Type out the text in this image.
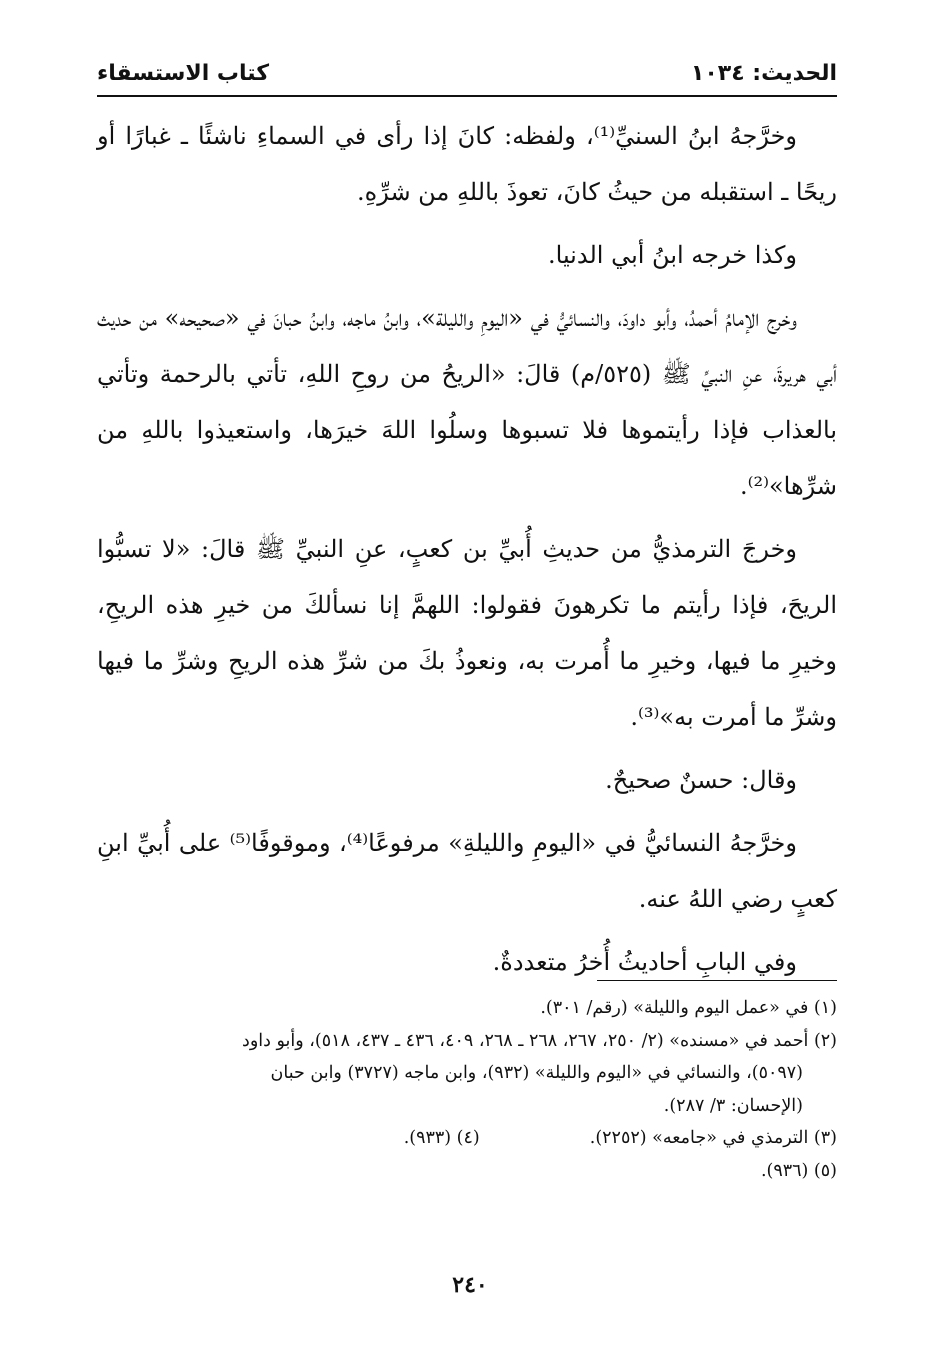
الحديث: ١٠٣٤
كتاب الاستسقاء

وخرَّجهُ ابنُ السنيِّ⁽¹⁾، ولفظه: كانَ إذا رأى في السماءِ ناشئًا ـ غبارًا أو ريحًا ـ استقبله من حيثُ كانَ، تعوذَ باللهِ من شرِّهِ.

وكذا خرجه ابنُ أبي الدنيا.

وخرج الإمامُ أحمدُ، وأبو داودَ، والنسائيُّ في «اليومِ والليلة»، وابنُ ماجه، وابنُ حبانَ في «صحيحه» من حديث أبي هريرةَ، عنِ النبيِّ ﷺ (٥٢٥/م) قالَ: «الريحُ من روحِ اللهِ، تأتي بالرحمة وتأتي بالعذاب فإذا رأيتموها فلا تسبوها وسلُوا اللهَ خيرَها، واستعيذوا باللهِ من شرِّها»⁽²⁾.

وخرجَ الترمذيُّ من حديثِ أُبيِّ بن كعبٍ، عنِ النبيِّ ﷺ قالَ: «لا تسبُّوا الريحَ، فإذا رأيتم ما تكرهونَ فقولوا: اللهمَّ إنا نسألكَ من خيرِ هذه الريحِ، وخيرِ ما فيها، وخيرِ ما أُمرت به، ونعوذُ بكَ من شرِّ هذه الريحِ وشرِّ ما فيها وشرِّ ما أمرت به»⁽³⁾.

وقال: حسنٌ صحيحٌ.

وخرَّجهُ النسائيُّ في «اليومِ والليلةِ» مرفوعًا⁽⁴⁾، وموقوفًا⁽⁵⁾ على أُبيِّ ابنِ كعبٍ رضي اللهُ عنه.

وفي البابِ أحاديثُ أُخرُ متعددةٌ.

(١) في «عمل اليوم والليلة» (رقم/ ٣٠١).

(٢) أحمد في «مسنده» (٢/ ٢٥٠، ٢٦٧، ٢٦٨ ـ ٢٦٨، ٤٠٩، ٤٣٦ ـ ٤٣٧، ٥١٨)، وأبو داود

(٥٠٩٧)، والنسائي في «اليوم والليلة» (٩٣٢)، وابن ماجه (٣٧٢٧) وابن حبان

(الإحسان: ٣/ ٢٨٧).

(٣) الترمذي في «جامعه» (٢٢٥٢).
(٤) (٩٣٣).

(٥) (٩٣٦).

٢٤٠
